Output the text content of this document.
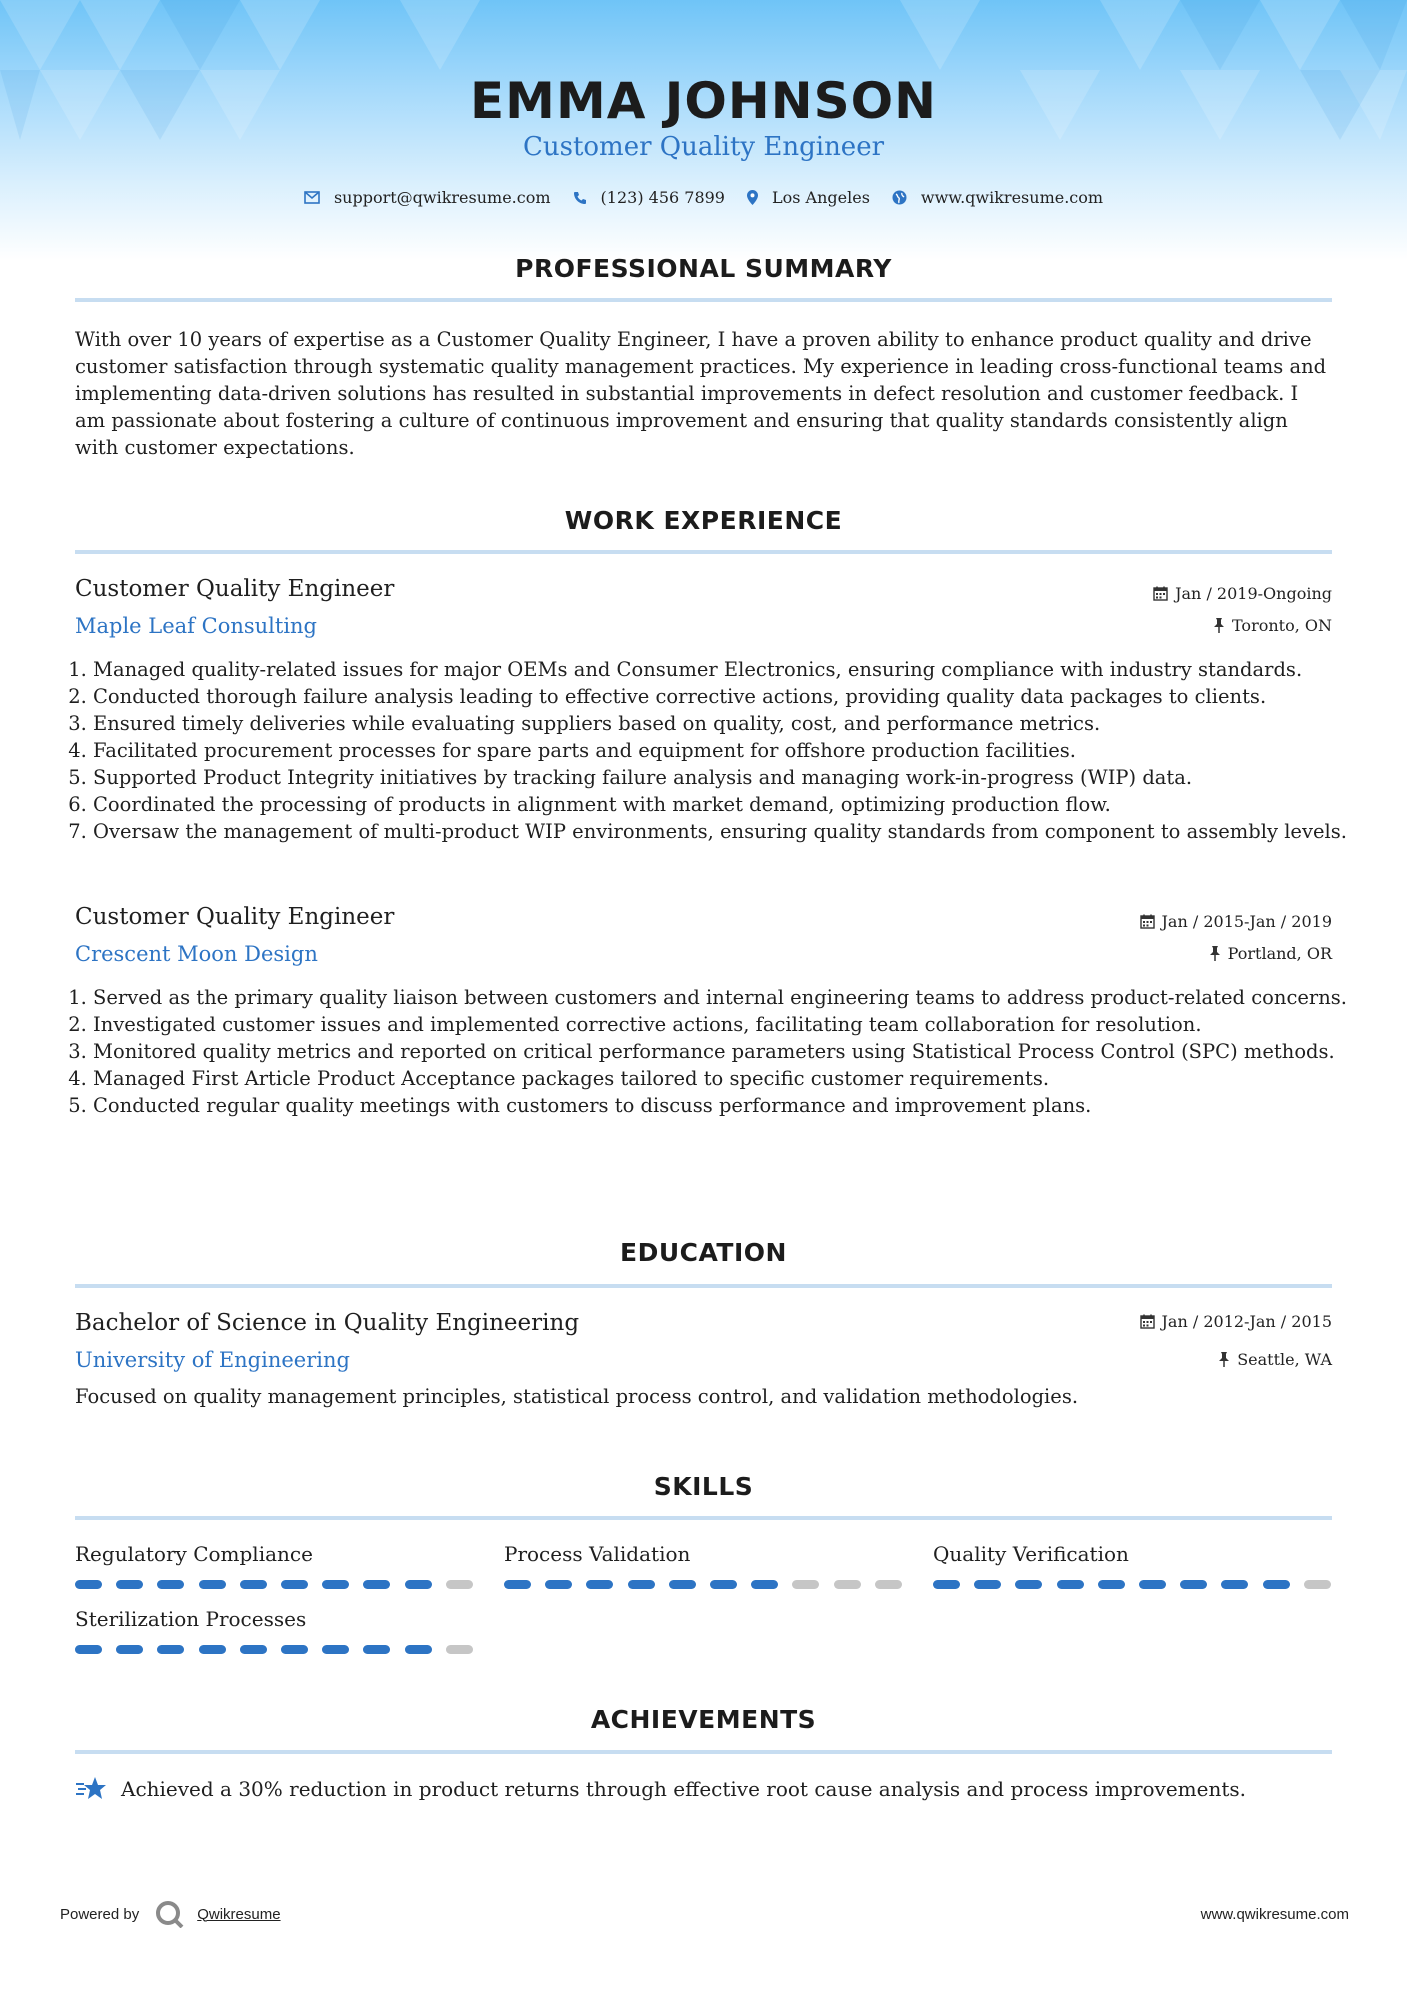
EMMA JOHNSON
Customer Quality Engineer
support@qwikresume.com	(123) 456 7899	Los Angeles	www.qwikresume.com
PROFESSIONAL SUMMARY
With over 10 years of expertise as a Customer Quality Engineer, I have a proven ability to enhance product quality and drive customer satisfaction through systematic quality management practices. My experience in leading cross-functional teams and implementing data-driven solutions has resulted in substantial improvements in defect resolution and customer feedback. I am passionate about fostering a culture of continuous improvement and ensuring that quality standards consistently align with customer expectations.
WORK EXPERIENCE
Customer Quality Engineer
Maple Leaf Consulting
Jan / 2019-Ongoing
Toronto, ON
1. Managed quality-related issues for major OEMs and Consumer Electronics, ensuring compliance with industry standards.
2. Conducted thorough failure analysis leading to effective corrective actions, providing quality data packages to clients.
3. Ensured timely deliveries while evaluating suppliers based on quality, cost, and performance metrics.
4. Facilitated procurement processes for spare parts and equipment for offshore production facilities.
5. Supported Product Integrity initiatives by tracking failure analysis and managing work-in-progress (WIP) data.
6. Coordinated the processing of products in alignment with market demand, optimizing production flow.
7. Oversaw the management of multi-product WIP environments, ensuring quality standards from component to assembly levels.
Customer Quality Engineer
Crescent Moon Design
Jan / 2015-Jan / 2019
Portland, OR
1. Served as the primary quality liaison between customers and internal engineering teams to address product-related concerns.
2. Investigated customer issues and implemented corrective actions, facilitating team collaboration for resolution.
3. Monitored quality metrics and reported on critical performance parameters using Statistical Process Control (SPC) methods.
4. Managed First Article Product Acceptance packages tailored to specific customer requirements.
5. Conducted regular quality meetings with customers to discuss performance and improvement plans.
EDUCATION
Bachelor of Science in Quality Engineering
University of Engineering
Jan / 2012-Jan / 2015
Seattle, WA
Focused on quality management principles, statistical process control, and validation methodologies.
SKILLS
Regulatory Compliance	Process Validation	Quality Verification
Sterilization Processes
ACHIEVEMENTS
Achieved a 30% reduction in product returns through effective root cause analysis and process improvements.
Powered by	Qwikresume	www.qwikresume.com
